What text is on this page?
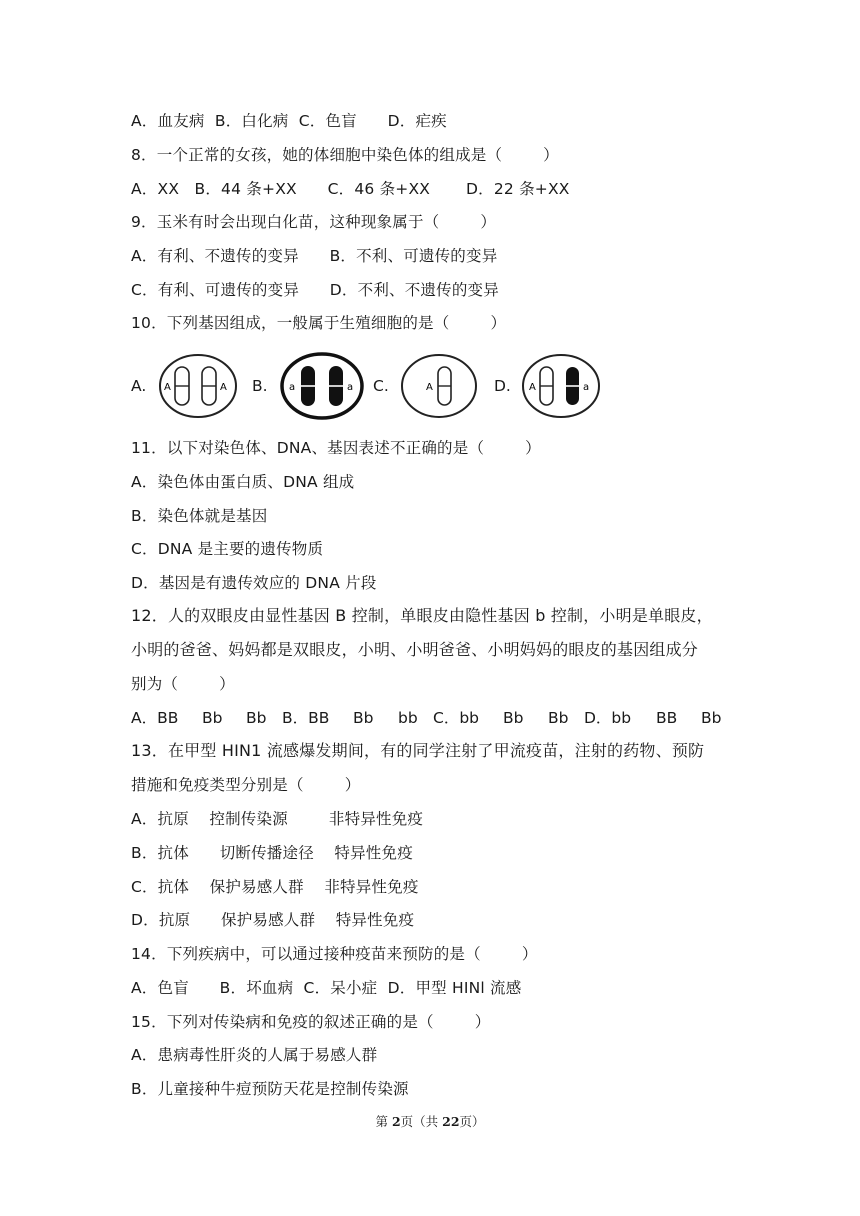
A．血友病  B．白化病  C．色盲      D．疟疾
8．一个正常的女孩，她的体细胞中染色体的组成是（        ）
A．XX   B．44 条+XX      C．46 条+XX       D．22 条+XX
9．玉米有时会出现白化苗，这种现象属于（        ）
A．有利、不遗传的变异      B．不利、可遗传的变异
C．有利、可遗传的变异      D．不利、不遗传的变异
10．下列基因组成，一般属于生殖细胞的是（        ）
A. A	A B. a	a C.	A	D. A	a
11．以下对染色体、DNA、基因表述不正确的是（        ）
A．染色体由蛋白质、DNA 组成
B．染色体就是基因
C．DNA 是主要的遗传物质
D．基因是有遗传效应的 DNA 片段
12．人的双眼皮由显性基因 B 控制，单眼皮由隐性基因 b 控制，小明是单眼皮，
小明的爸爸、妈妈都是双眼皮，小明、小明爸爸、小明妈妈的眼皮的基因组成分
别为（        ）
A．BB Bb Bb B．BB Bb bb C．bb Bb Bb D．bb BB Bb
13．在甲型 HIN1 流感爆发期间，有的同学注射了甲流疫苗，注射的药物、预防
措施和免疫类型分别是（        ）
A．抗原    控制传染源        非特异性免疫
B．抗体      切断传播途径    特异性免疫
C．抗体    保护易感人群    非特异性免疫
D．抗原      保护易感人群    特异性免疫
14．下列疾病中，可以通过接种疫苗来预防的是（        ）
A．色盲      B．坏血病  C．呆小症  D．甲型 HINl 流感
15．下列对传染病和免疫的叙述正确的是（        ）
A．患病毒性肝炎的人属于易感人群
B．儿童接种牛痘预防天花是控制传染源
第 2页（共 22页）
